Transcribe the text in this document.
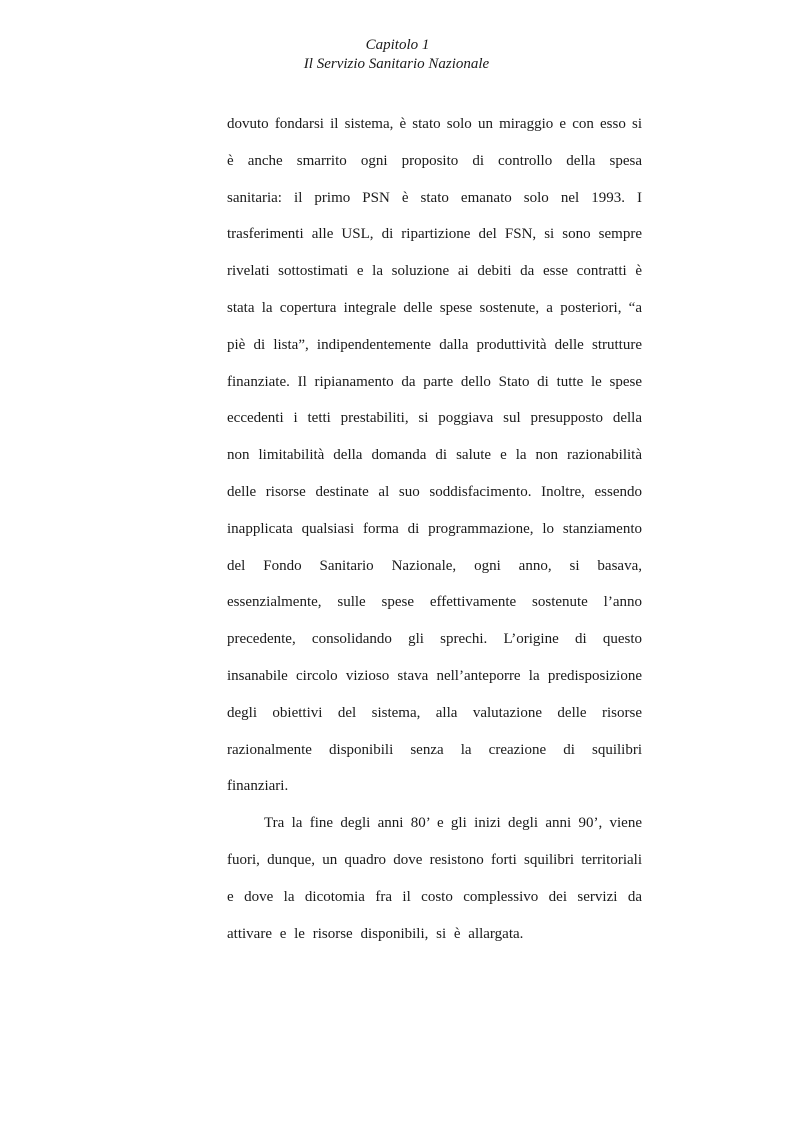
Capitolo 1
Il Servizio Sanitario Nazionale
dovuto fondarsi il sistema, è stato solo un miraggio e con esso si
è anche smarrito ogni proposito di controllo della spesa
sanitaria: il primo PSN è stato emanato solo nel 1993. I
trasferimenti alle USL, di ripartizione del FSN, si sono sempre
rivelati sottostimati e la soluzione ai debiti da esse contratti è
stata la copertura integrale delle spese sostenute, a posteriori, “a
piè di lista”, indipendentemente dalla produttività delle strutture
finanziate. Il ripianamento da parte dello Stato di tutte le spese
eccedenti i tetti prestabiliti, si poggiava sul presupposto della
non limitabilità della domanda di salute e la non razionabilità
delle risorse destinate al suo soddisfacimento. Inoltre, essendo
inapplicata qualsiasi forma di programmazione, lo stanziamento
del Fondo Sanitario Nazionale, ogni anno, si basava,
essenzialmente, sulle spese effettivamente sostenute l’anno
precedente, consolidando gli sprechi. L’origine di questo
insanabile circolo vizioso stava nell’anteporre la predisposizione
degli obiettivi del sistema, alla valutazione delle risorse
razionalmente disponibili senza la creazione di squilibri
finanziari.
Tra la fine degli anni 80’ e gli inizi degli anni 90’, viene
fuori, dunque, un quadro dove resistono forti squilibri territoriali
e dove la dicotomia fra il costo complessivo dei servizi da
attivare e le risorse disponibili, si è allargata.
